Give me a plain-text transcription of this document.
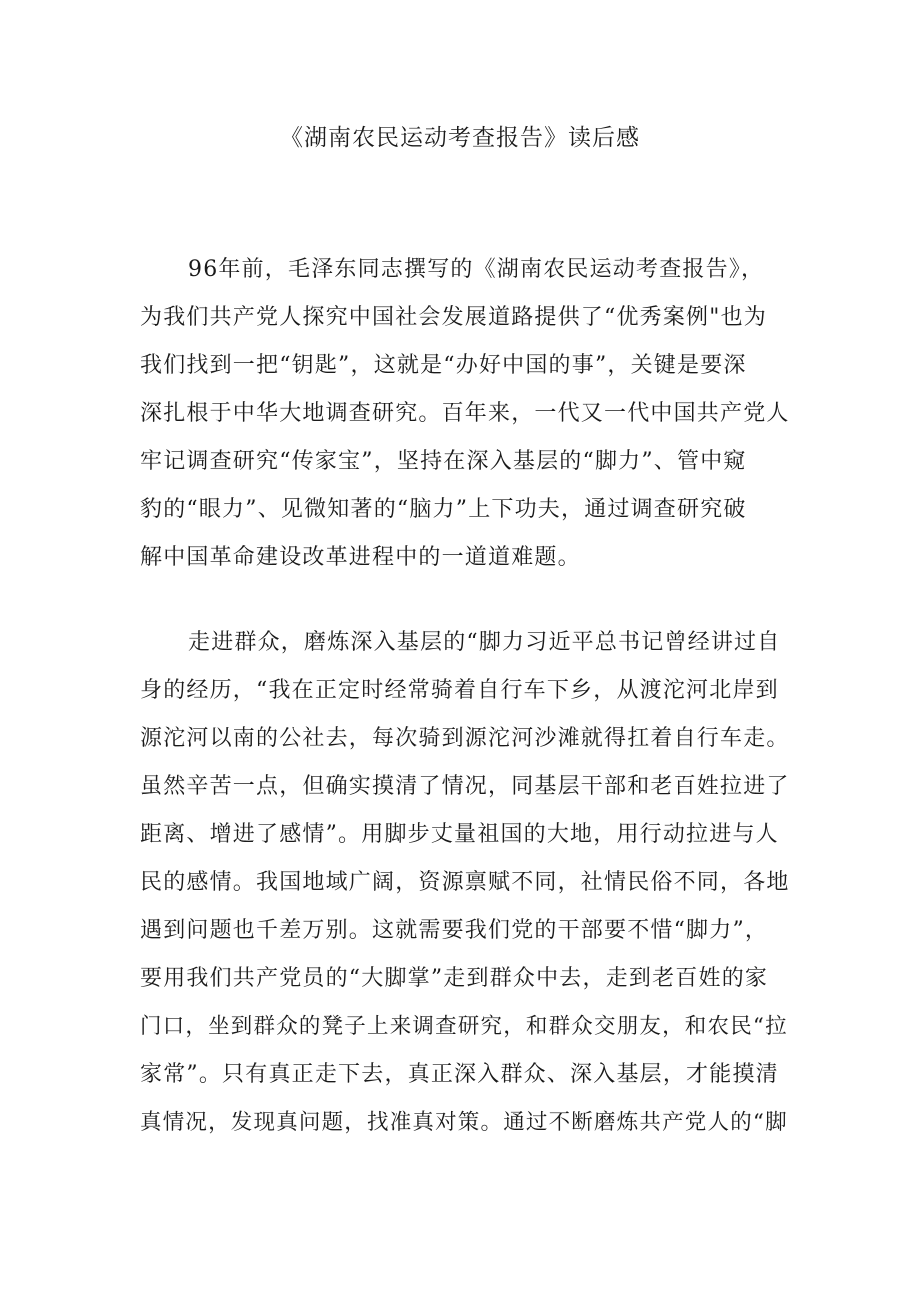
《湖南农民运动考查报告》读后感
96年前，毛泽东同志撰写的《湖南农民运动考查报告》，
为我们共产党人探究中国社会发展道路提供了“优秀案例"也为
我们找到一把“钥匙”，这就是“办好中国的事”，关键是要深
深扎根于中华大地调查研究。百年来，一代又一代中国共产党人
牢记调查研究“传家宝”，坚持在深入基层的“脚力”、管中窥
豹的“眼力”、见微知著的“脑力”上下功夫，通过调查研究破
解中国革命建设改革进程中的一道道难题。
走进群众，磨炼深入基层的“脚力习近平总书记曾经讲过自
身的经历，“我在正定时经常骑着自行车下乡，从渡沱河北岸到
源沱河以南的公社去，每次骑到源沱河沙滩就得扛着自行车走。
虽然辛苦一点，但确实摸清了情况，同基层干部和老百姓拉进了
距离、增进了感情”。用脚步丈量祖国的大地，用行动拉进与人
民的感情。我国地域广阔，资源禀赋不同，社情民俗不同，各地
遇到问题也千差万别。这就需要我们党的干部要不惜“脚力”，
要用我们共产党员的“大脚掌”走到群众中去，走到老百姓的家
门口，坐到群众的凳子上来调查研究，和群众交朋友，和农民“拉
家常”。只有真正走下去，真正深入群众、深入基层，才能摸清
真情况，发现真问题，找准真对策。通过不断磨炼共产党人的“脚
